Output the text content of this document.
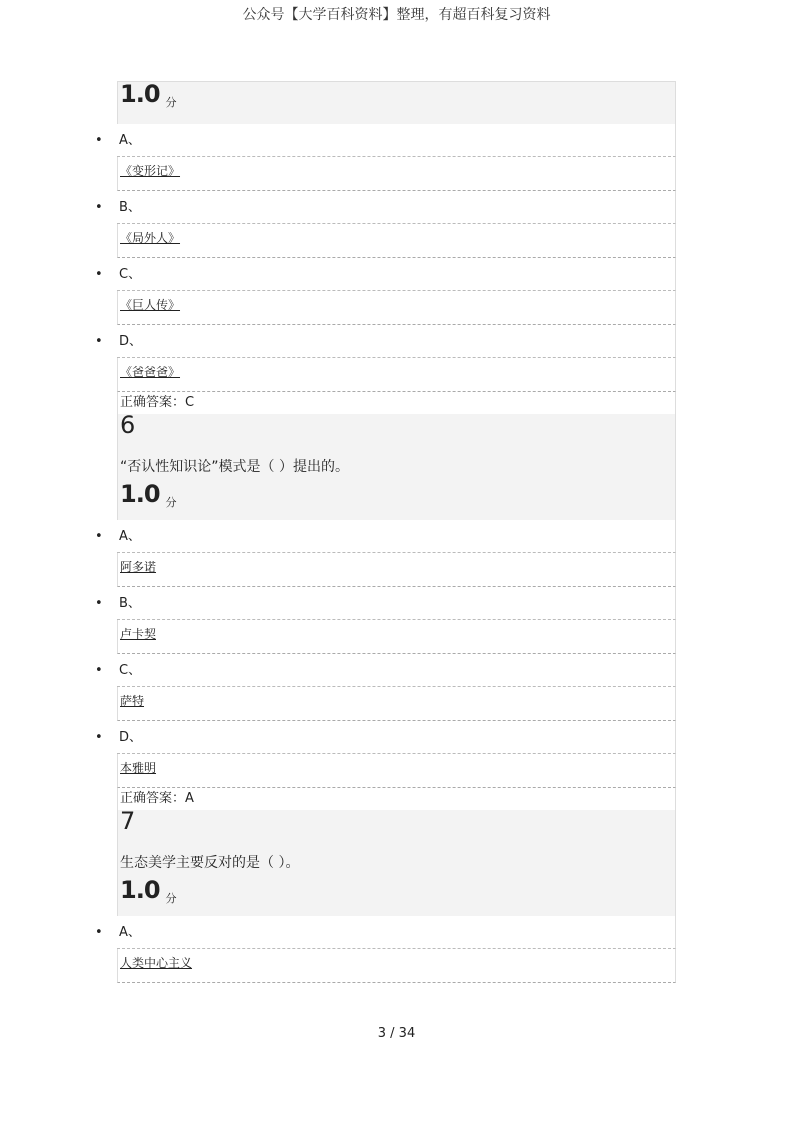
公众号【大学百科资料】整理，有超百科复习资料
1.0 分
• A、
《变形记》
• B、
《局外人》
• C、
《巨人传》
• D、
《爸爸爸》
正确答案：C
6
“否认性知识论”模式是（ ）提出的。
1.0 分
• A、
阿多诺
• B、
卢卡契
• C、
萨特
• D、
本雅明
正确答案：A
7
生态美学主要反对的是（ ）。
1.0 分
• A、
人类中心主义
3 / 34
